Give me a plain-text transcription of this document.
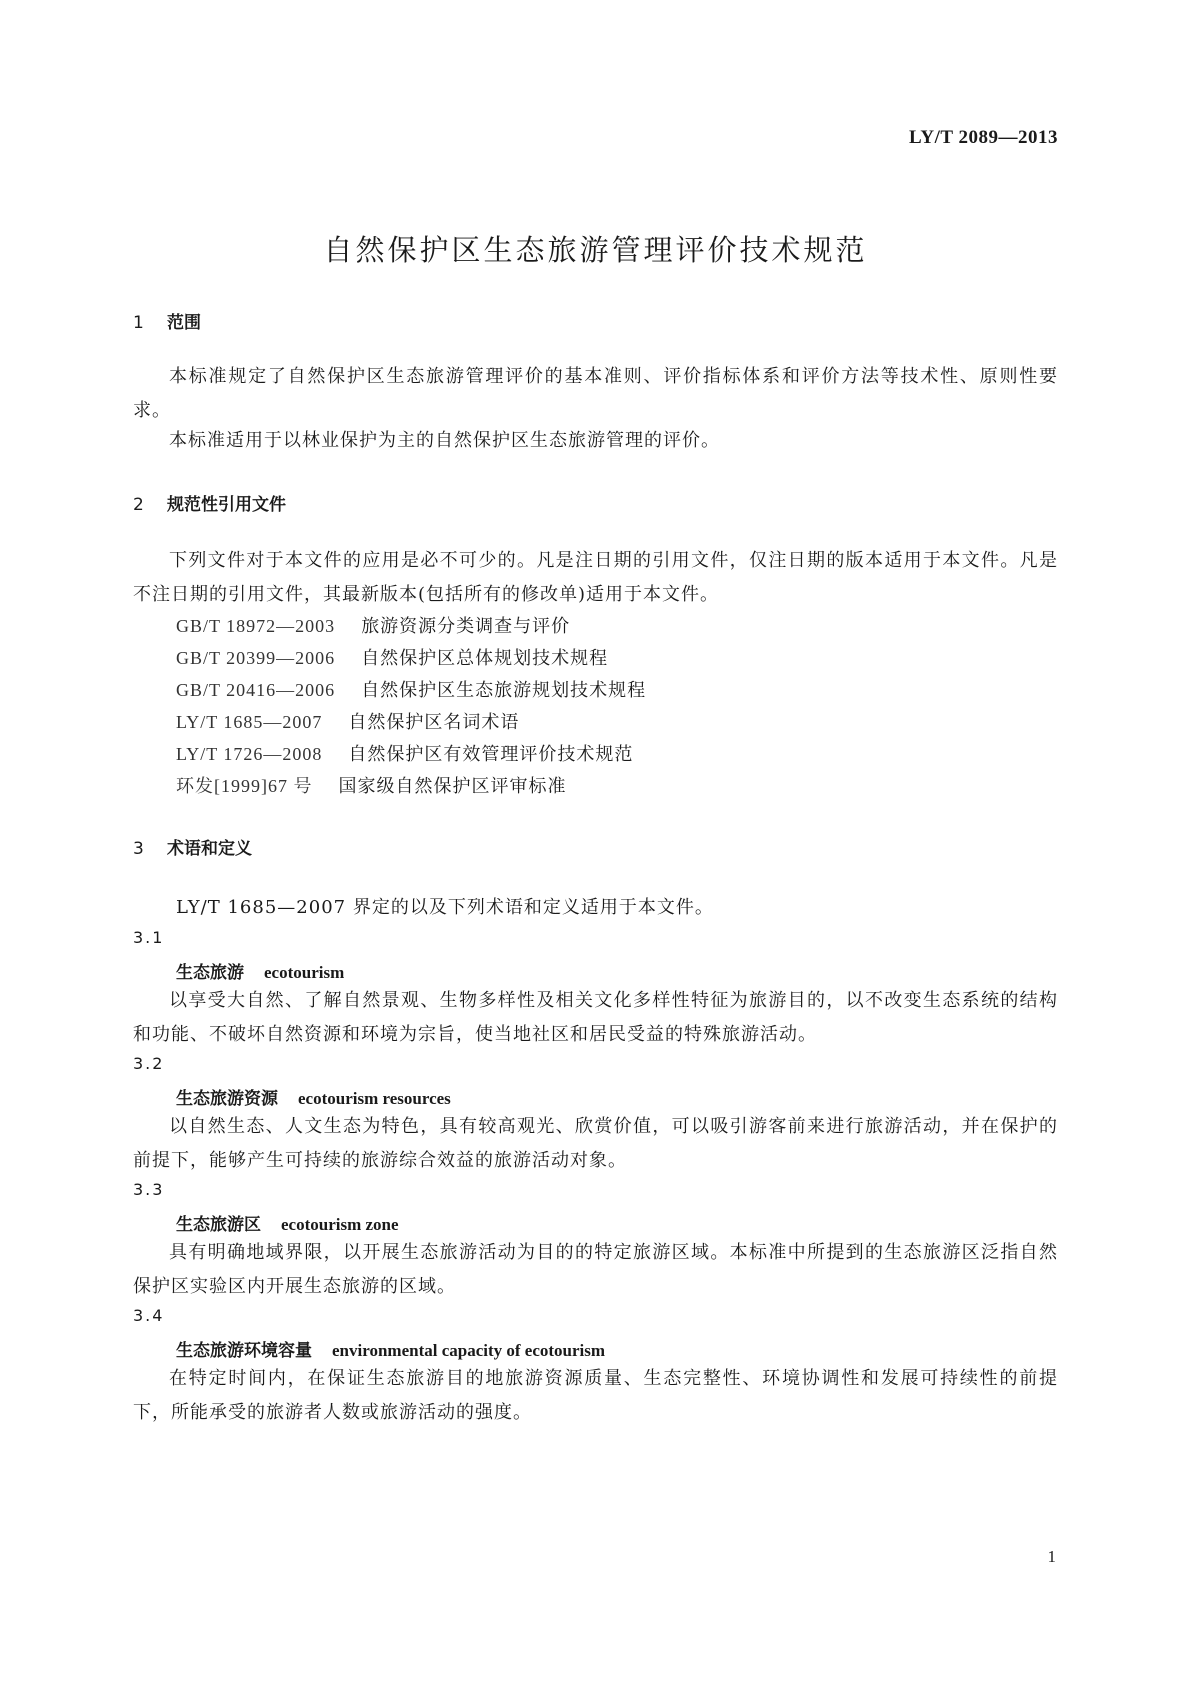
LY/T 2089—2013
自然保护区生态旅游管理评价技术规范
1 范围
本标准规定了自然保护区生态旅游管理评价的基本准则、评价指标体系和评价方法等技术性、原则性要求。
本标准适用于以林业保护为主的自然保护区生态旅游管理的评价。
2 规范性引用文件
下列文件对于本文件的应用是必不可少的。凡是注日期的引用文件，仅注日期的版本适用于本文件。凡是不注日期的引用文件，其最新版本(包括所有的修改单)适用于本文件。
GB/T 18972—2003 旅游资源分类调查与评价
GB/T 20399—2006 自然保护区总体规划技术规程
GB/T 20416—2006 自然保护区生态旅游规划技术规程
LY/T 1685—2007 自然保护区名词术语
LY/T 1726—2008 自然保护区有效管理评价技术规范
环发[1999]67 号 国家级自然保护区评审标准
3 术语和定义
LY/T 1685—2007 界定的以及下列术语和定义适用于本文件。
3.1
生态旅游 ecotourism
以享受大自然、了解自然景观、生物多样性及相关文化多样性特征为旅游目的，以不改变生态系统的结构和功能、不破坏自然资源和环境为宗旨，使当地社区和居民受益的特殊旅游活动。
3.2
生态旅游资源 ecotourism resources
以自然生态、人文生态为特色，具有较高观光、欣赏价值，可以吸引游客前来进行旅游活动，并在保护的前提下，能够产生可持续的旅游综合效益的旅游活动对象。
3.3
生态旅游区 ecotourism zone
具有明确地域界限，以开展生态旅游活动为目的的特定旅游区域。本标准中所提到的生态旅游区泛指自然保护区实验区内开展生态旅游的区域。
3.4
生态旅游环境容量 environmental capacity of ecotourism
在特定时间内，在保证生态旅游目的地旅游资源质量、生态完整性、环境协调性和发展可持续性的前提下，所能承受的旅游者人数或旅游活动的强度。
1
